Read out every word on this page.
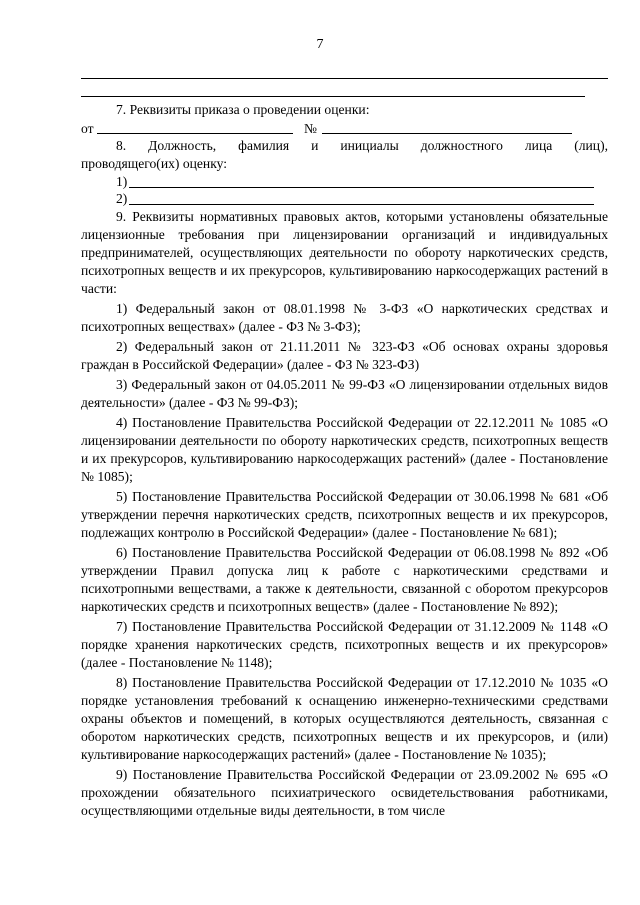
7
7. Реквизиты приказа о проведении оценки:
от	№
8. Должность, фамилия и инициалы должностного лица (лиц),
проводящего(их) оценку:
1)
2)

9. Реквизиты нормативных правовых актов, которыми установлены обязательные лицензионные требования при лицензировании организаций и индивидуальных предпринимателей, осуществляющих деятельности по обороту наркотических средств, психотропных веществ и их прекурсоров, культивированию наркосодержащих растений в части:

1) Федеральный закон от 08.01.1998 № 3-ФЗ «О наркотических средствах и психотропных веществах» (далее - ФЗ № 3-ФЗ);

2) Федеральный закон от 21.11.2011 № 323-ФЗ «Об основах охраны здоровья граждан в Российской Федерации» (далее - ФЗ № 323-ФЗ)

3) Федеральный закон от 04.05.2011 № 99-ФЗ «О лицензировании отдельных видов деятельности» (далее - ФЗ № 99-ФЗ);

4) Постановление Правительства Российской Федерации от 22.12.2011 № 1085 «О лицензировании деятельности по обороту наркотических средств, психотропных веществ и их прекурсоров, культивированию наркосодержащих растений» (далее - Постановление № 1085);

5) Постановление Правительства Российской Федерации от 30.06.1998 № 681 «Об утверждении перечня наркотических средств, психотропных веществ и их прекурсоров, подлежащих контролю в Российской Федерации» (далее - Постановление № 681);

6) Постановление Правительства Российской Федерации от 06.08.1998 № 892 «Об утверждении Правил допуска лиц к работе с наркотическими средствами и психотропными веществами, а также к деятельности, связанной с оборотом прекурсоров наркотических средств и психотропных веществ» (далее - Постановление № 892);

7) Постановление Правительства Российской Федерации от 31.12.2009 № 1148 «О порядке хранения наркотических средств, психотропных веществ и их прекурсоров» (далее - Постановление № 1148);

8) Постановление Правительства Российской Федерации от 17.12.2010 № 1035 «О порядке установления требований к оснащению инженерно-техническими средствами охраны объектов и помещений, в которых осуществляются деятельность, связанная с оборотом наркотических средств, психотропных веществ и их прекурсоров, и (или) культивирование наркосодержащих растений» (далее - Постановление № 1035);

9) Постановление Правительства Российской Федерации от 23.09.2002 № 695 «О прохождении обязательного психиатрического освидетельствования работниками, осуществляющими отдельные виды деятельности, в том числе
